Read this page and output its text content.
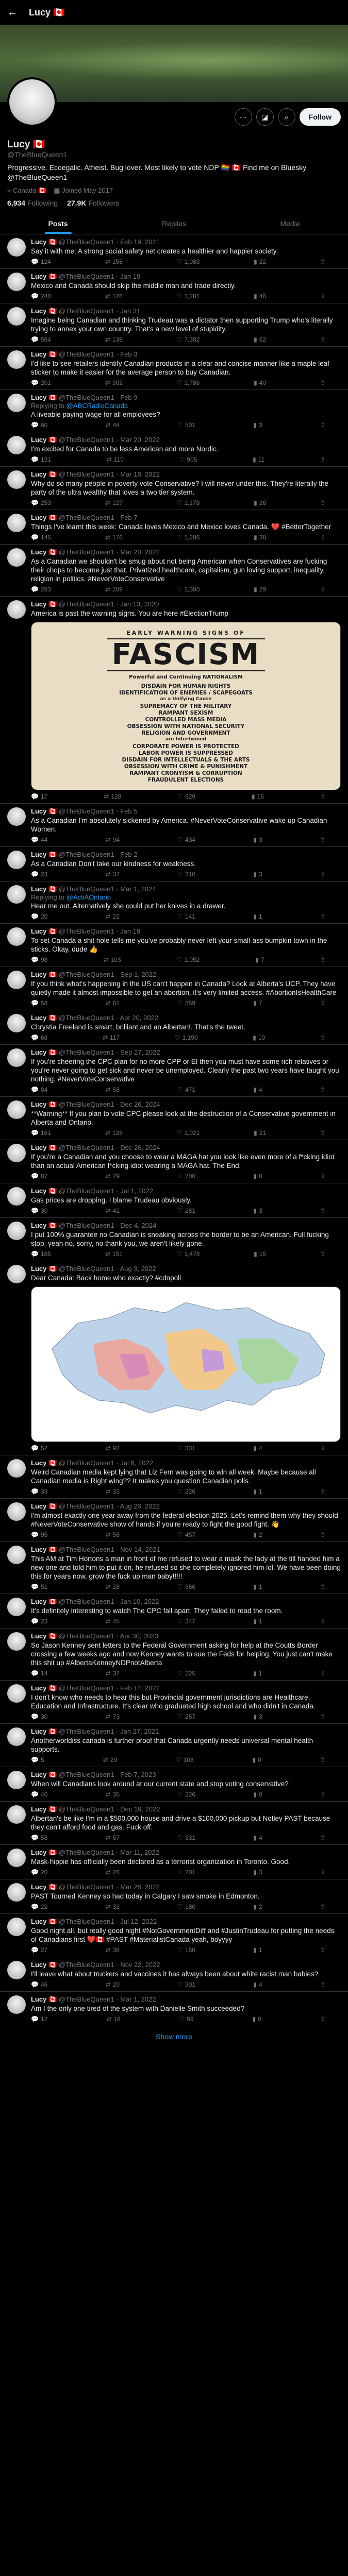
← Lucy 🇨🇦
⋯	◪	⌕	Follow
Lucy 🇨🇦
@TheBlueQueen1
Progressive. Ecoegalic. Atheist. Bug lover. Most likely to vote NDP 🏳️‍🌈 🇨🇦 Find me on Bluesky @TheBlueQueen1
⌖ Canada 🇨🇦 ▦ Joined May 2017
6,934 Following 27.9K Followers
Posts	Replies	Media
Lucy 🇨🇦 @TheBlueQueen1 · Feb 19, 2021
Say it with me: A strong social safety net creates a healthier and happier society.
💬 124	⇄ 158	♡ 1,083	▮ 22	⇪
Lucy 🇨🇦 @TheBlueQueen1 · Jan 19
Mexico and Canada should skip the middle man and trade directly.
💬 240	⇄ 126	♡ 1,281	▮ 46	⇪
Lucy 🇨🇦 @TheBlueQueen1 · Jan 31
Imagine being Canadian and thinking Trudeau was a dictator then supporting Trump who's literally trying to annex your own country. That's a new level of stupidity.
💬 564	⇄ 138	♡ 7,382	▮ 62	⇪
Lucy 🇨🇦 @TheBlueQueen1 · Feb 3
I'd like to see retailers identify Canadian products in a clear and concise manner like a maple leaf sticker to make it easier for the average person to buy Canadian.
💬 201	⇄ 302	♡ 1,786	▮ 40	⇪
Lucy 🇨🇦 @TheBlueQueen1 · Feb 9
Replying to @ABCRadioCanada
A liveable paying wage for all employees?
💬 60	⇄ 44	♡ 501	▮ 3	⇪
Lucy 🇨🇦 @TheBlueQueen1 · Mar 20, 2022
I'm excited for Canada to be less American and more Nordic.
💬 131	⇄ 110	♡ 905	▮ 11	⇪
Lucy 🇨🇦 @TheBlueQueen1 · Mar 18, 2022
Why do so many people in poverty vote Conservative? I will never under this. They're literally the party of the ultra wealthy that loves a two tier system.
💬 253	⇄ 127	♡ 1,178	▮ 26	⇪
Lucy 🇨🇦 @TheBlueQueen1 · Feb 7
Things I've learnt this week: Canada loves Mexico and Mexico loves Canada. ❤️ #BetterTogether
💬 145	⇄ 176	♡ 1,286	▮ 38	⇪
Lucy 🇨🇦 @TheBlueQueen1 · Mar 20, 2022
As a Canadian we shouldn't be smug about not being American when Conservatives are fucking their chops to become just that. Privatized healthcare, capitalism, gun loving support, inequality, religion in politics. #NeverVoteConservative
💬 283	⇄ 209	♡ 1,380	▮ 29	⇪
Lucy 🇨🇦 @TheBlueQueen1 · Jan 13, 2020
America is past the warning signs. You are here #ElectionTrump
EARLY WARNING SIGNS OF
FASCISM
Powerful and Continuing NATIONALISM
DISDAIN FOR HUMAN RIGHTS
IDENTIFICATION OF ENEMIES / SCAPEGOATS
as a Unifying Cause
SUPREMACY OF THE MILITARY
RAMPANT SEXISM
CONTROLLED MASS MEDIA
OBSESSION WITH NATIONAL SECURITY
RELIGION AND GOVERNMENT
are Intertwined
CORPORATE POWER IS PROTECTED
LABOR POWER IS SUPPRESSED
DISDAIN FOR INTELLECTUALS & THE ARTS
OBSESSION WITH CRIME & PUNISHMENT
RAMPANT CRONYISM & CORRUPTION
FRAUDULENT ELECTIONS
💬 17	⇄ 128	♡ 629	▮ 16	⇪
Lucy 🇨🇦 @TheBlueQueen1 · Feb 5
As a Canadian I'm absolutely sickened by America. #NeverVoteConservative wake up Canadian Women.
💬 44	⇄ 94	♡ 434	▮ 3	⇪
Lucy 🇨🇦 @TheBlueQueen1 · Feb 2
As a Canadian Don't take our kindness for weakness.
💬 23	⇄ 37	♡ 310	▮ 3	⇪
Lucy 🇨🇦 @TheBlueQueen1 · Mar 1, 2024
Replying to @ActiAOntario
Hear me out. Alternatively she could put her knives in a drawer.
💬 20	⇄ 22	♡ 141	▮ 1	⇪
Lucy 🇨🇦 @TheBlueQueen1 · Jan 19
To set Canada a shit hole tells me you've probably never left your small-ass bumpkin town in the sticks. Okay, dude 👍
💬 98	⇄ 103	♡ 1,052	▮ 7	⇪
Lucy 🇨🇦 @TheBlueQueen1 · Sep 1, 2022
If you think what's happening in the US can't happen in Canada? Look at Alberta's UCP. They have quietly made it almost impossible to get an abortion, it's very limited access. #AbortionIsHealthCare
💬 58	⇄ 81	♡ 359	▮ 7	⇪
Lucy 🇨🇦 @TheBlueQueen1 · Apr 20, 2022
Chrystia Freeland is smart, brilliant and an Albertan!. That's the tweet.
💬 68	⇄ 117	♡ 1,190	▮ 10	⇪
Lucy 🇨🇦 @TheBlueQueen1 · Sep 27, 2022
If you're cheering the CPC plan for no more CPP or EI then you must have some rich relatives or you're never going to get sick and never be unemployed. Clearly the past two years have taught you nothing. #NeverVoteConservative
💬 84	⇄ 58	♡ 471	▮ 4	⇪
Lucy 🇨🇦 @TheBlueQueen1 · Dec 26, 2024
**Warning** If you plan to vote CPC please look at the destruction of a Conservative government in Alberta and Ontario.
💬 161	⇄ 128	♡ 1,021	▮ 21	⇪
Lucy 🇨🇦 @TheBlueQueen1 · Dec 26, 2024
If you're a Canadian and you choose to wear a MAGA hat you look like even more of a f*cking idiot than an actual American f*cking idiot wearing a MAGA hat. The End.
💬 87	⇄ 79	♡ 700	▮ 8	⇪
Lucy 🇨🇦 @TheBlueQueen1 · Jul 1, 2022
Gas prices are dropping. I blame Trudeau obviously.
💬 30	⇄ 41	♡ 281	▮ 3	⇪
Lucy 🇨🇦 @TheBlueQueen1 · Dec 4, 2024
I put 100% guarantee no Canadian is sneaking across the border to be an American. Full fucking stop, yeah no, sorry, no thank you, we aren't likely gone.
💬 185	⇄ 151	♡ 1,478	▮ 15	⇪
Lucy 🇨🇦 @TheBlueQueen1 · Aug 3, 2022
Dear Canada: Back home who exactly? #cdnpoli
💬 52	⇄ 92	♡ 331	▮ 4	⇪
Lucy 🇨🇦 @TheBlueQueen1 · Jul 8, 2022
Weird Canadian media kept lying that Liz Fern was going to win all week. Maybe because all Canadian media is Right wing?? It makes you question Canadian polls.
💬 33	⇄ 33	♡ 226	▮ 1	⇪
Lucy 🇨🇦 @TheBlueQueen1 · Aug 26, 2022
I'm almost exactly one year away from the federal election 2025. Let's remind them why they should #NeverVoteConservative show of hands if you're ready to fight the good fight. 👋
💬 95	⇄ 58	♡ 457	▮ 2	⇪
Lucy 🇨🇦 @TheBlueQueen1 · Nov 14, 2021
This AM at Tim Hortons a man in front of me refused to wear a mask the lady at the till handed him a new one and told him to put it on, he refused so she completely ignored him lol. We have been doing this for years now, grow the fuck up man baby!!!!!
💬 51	⇄ 28	♡ 366	▮ 1	⇪
Lucy 🇨🇦 @TheBlueQueen1 · Jan 10, 2022
It's definitely interesting to watch The CPC fall apart. They failed to read the room.
💬 23	⇄ 45	♡ 347	▮ 1	⇪
Lucy 🇨🇦 @TheBlueQueen1 · Apr 30, 2023
So Jason Kenney sent letters to the Federal Government asking for help at the Coutts Border crossing a few weeks ago and now Kenney wants to sue the Feds for helping. You just can't make this shit up #AlbertaKenneyNDPnotAlberta
💬 14	⇄ 37	♡ 225	▮ 1	⇪
Lucy 🇨🇦 @TheBlueQueen1 · Feb 14, 2022
I don't know who needs to hear this but Provincial government jurisdictions are Healthcare, Education and Infrastructure. It's clear who graduated high school and who didn't in Canada.
💬 30	⇄ 73	♡ 257	▮ 3	⇪
Lucy 🇨🇦 @TheBlueQueen1 · Jan 27, 2021
Anotherworldiss canada is further proof that Canada urgently needs universal mental health supports.
💬 5	⇄ 29	♡ 108	▮ 0	⇪
Lucy 🇨🇦 @TheBlueQueen1 · Feb 7, 2023
When will Canadians look around at our current state and stop voting conservative?
💬 40	⇄ 35	♡ 226	▮ 0	⇪
Lucy 🇨🇦 @TheBlueQueen1 · Dec 19, 2022
Albertan's be like I'm in a $500,000 house and drive a $100,000 pickup but Notley PAST because they can't afford food and gas. Fuck off.
💬 58	⇄ 57	♡ 331	▮ 4	⇪
Lucy 🇨🇦 @TheBlueQueen1 · Mar 11, 2022
Mask-hippie has officially been declared as a terrorist organization in Toronto. Good.
💬 20	⇄ 26	♡ 201	▮ 3	⇪
Lucy 🇨🇦 @TheBlueQueen1 · Mar 28, 2022
PAST Tourned Kenney so had today in Calgary I saw smoke in Edmonton.
💬 22	⇄ 32	♡ 180	▮ 2	⇪
Lucy 🇨🇦 @TheBlueQueen1 · Jul 12, 2022
Good night all, but really good night #NotGovernmentDiff and #JustinTrudeau for putting the needs of Canadians first ❤️🇨🇦 #PAST #MaterialistCanada yeah, boyyyy
💬 27	⇄ 38	♡ 150	▮ 1	⇪
Lucy 🇨🇦 @TheBlueQueen1 · Nov 22, 2022
I'll leave what about truckers and vaccines it has always been about white racist man babies?
💬 46	⇄ 20	♡ 301	▮ 4	⇪
Lucy 🇨🇦 @TheBlueQueen1 · Mar 1, 2022
Am I the only one tired of the system with Danielle Smith succeeded?
💬 12	⇄ 18	♡ 99	▮ 0	⇪
Show more
